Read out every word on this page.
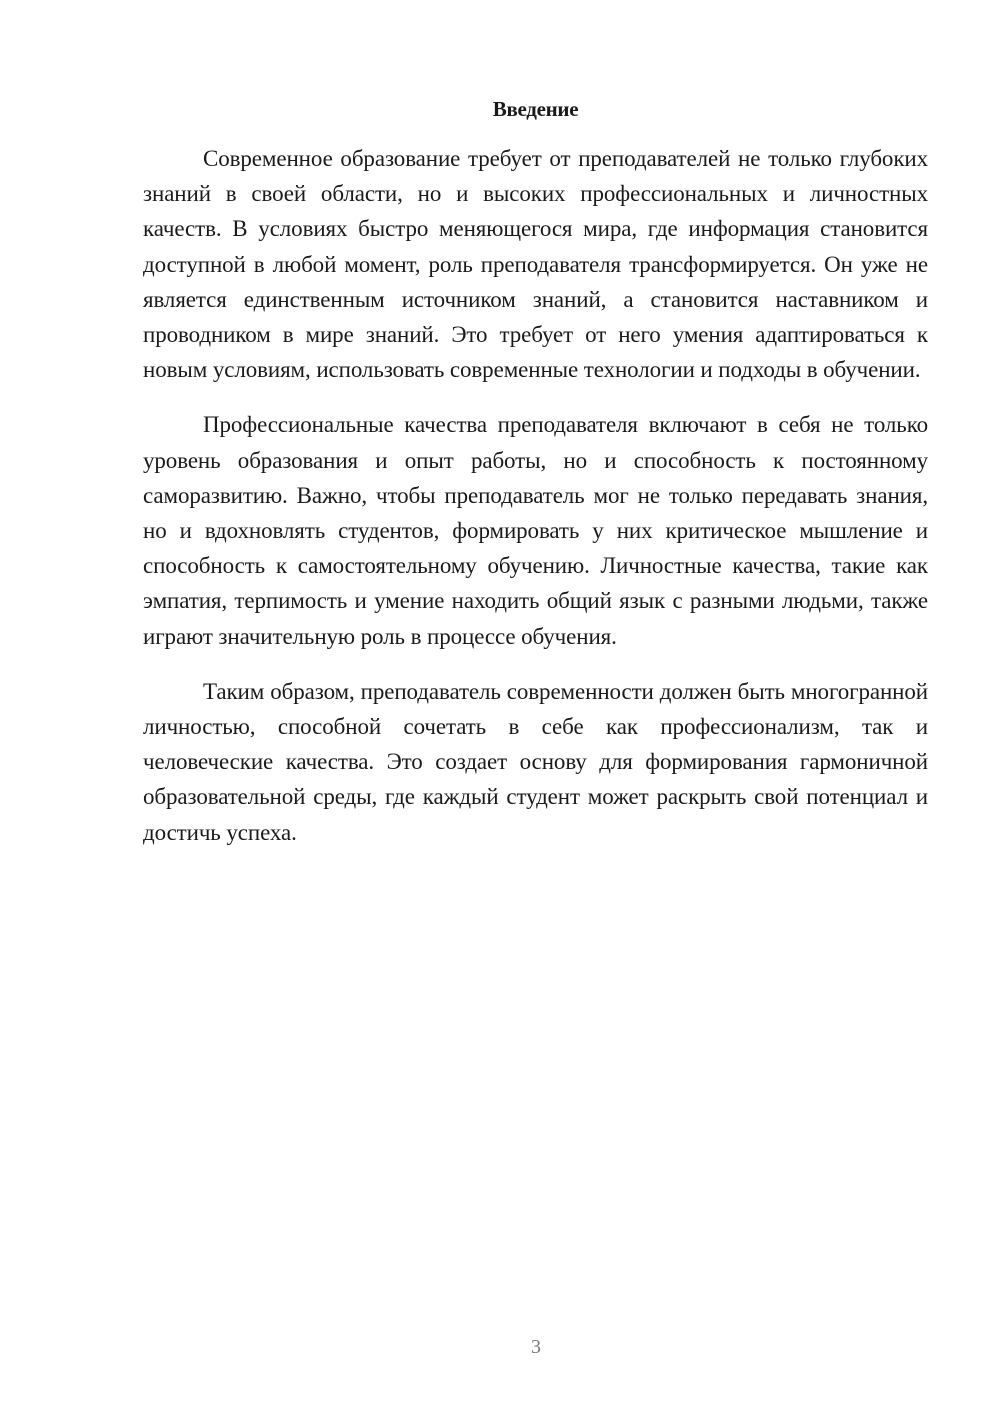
Введение

Современное образование требует от преподавателей не только глубоких знаний в своей области, но и высоких профессиональных и личностных качеств. В условиях быстро меняющегося мира, где информация становится доступной в любой момент, роль преподавателя трансформируется. Он уже не является единственным источником знаний, а становится наставником и проводником в мире знаний. Это требует от него умения адаптироваться к новым условиям, использовать современные технологии и подходы в обучении.

Профессиональные качества преподавателя включают в себя не только уровень образования и опыт работы, но и способность к постоянному саморазвитию. Важно, чтобы преподаватель мог не только передавать знания, но и вдохновлять студентов, формировать у них критическое мышление и способность к самостоятельному обучению. Личностные качества, такие как эмпатия, терпимость и умение находить общий язык с разными людьми, также играют значительную роль в процессе обучения.

Таким образом, преподаватель современности должен быть многогранной личностью, способной сочетать в себе как профессионализм, так и человеческие качества. Это создает основу для формирования гармоничной образовательной среды, где каждый студент может раскрыть свой потенциал и достичь успеха.

3
